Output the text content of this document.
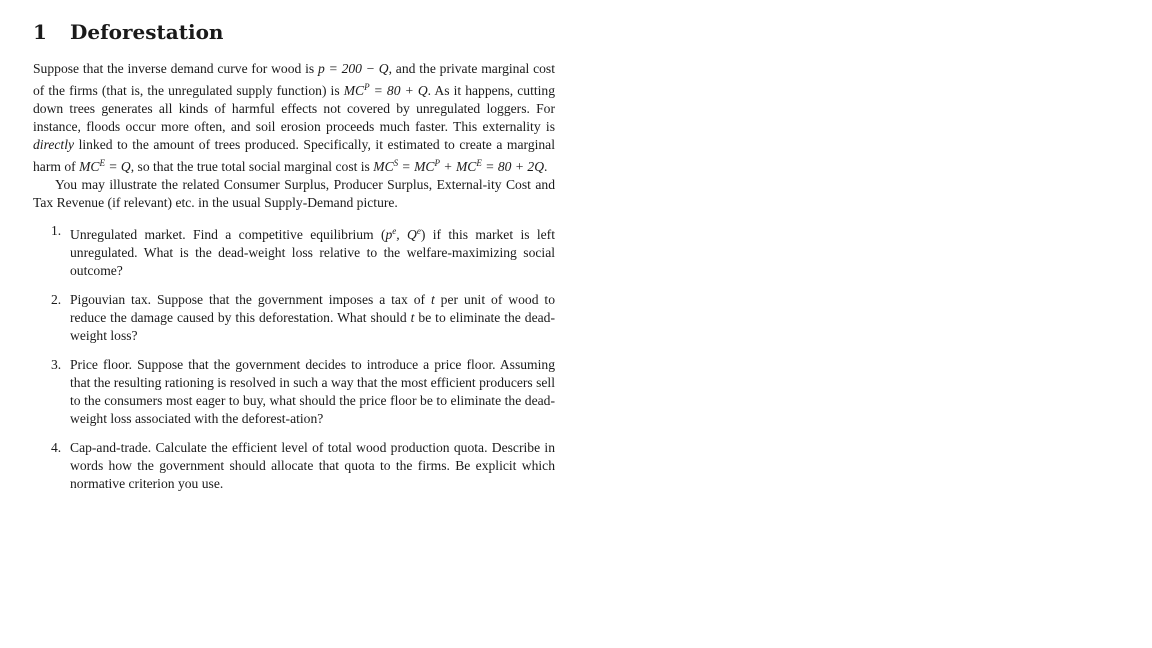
1 Deforestation

Suppose that the inverse demand curve for wood is p = 200 − Q, and the private marginal cost of the firms (that is, the unregulated supply function) is $MC^P = 80 + Q$. As it happens, cutting down trees generates all kinds of harmful effects not covered by unregulated loggers. For instance, floods occur more often, and soil erosion proceeds much faster. This externality is directly linked to the amount of trees produced. Specifically, it estimated to create a marginal harm of $MC^E = Q$, so that the true total social marginal cost is $MC^S = MC^P + MC^E = 80 + 2Q$.

You may illustrate the related Consumer Surplus, Producer Surplus, External-ity Cost and Tax Revenue (if relevant) etc. in the usual Supply-Demand picture.

1. Unregulated market. Find a competitive equilibrium ($p^e$, $Q^e$) if this market is left unregulated. What is the dead-weight loss relative to the welfare-maximizing social outcome?
2. Pigouvian tax. Suppose that the government imposes a tax of t per unit of wood to reduce the damage caused by this deforestation. What should t be to eliminate the dead-weight loss?
3. Price floor. Suppose that the government decides to introduce a price floor. Assuming that the resulting rationing is resolved in such a way that the most efficient producers sell to the consumers most eager to buy, what should the price floor be to eliminate the dead-weight loss associated with the deforest-ation?
4. Cap-and-trade. Calculate the efficient level of total wood production quota. Describe in words how the government should allocate that quota to the firms. Be explicit which normative criterion you use.
